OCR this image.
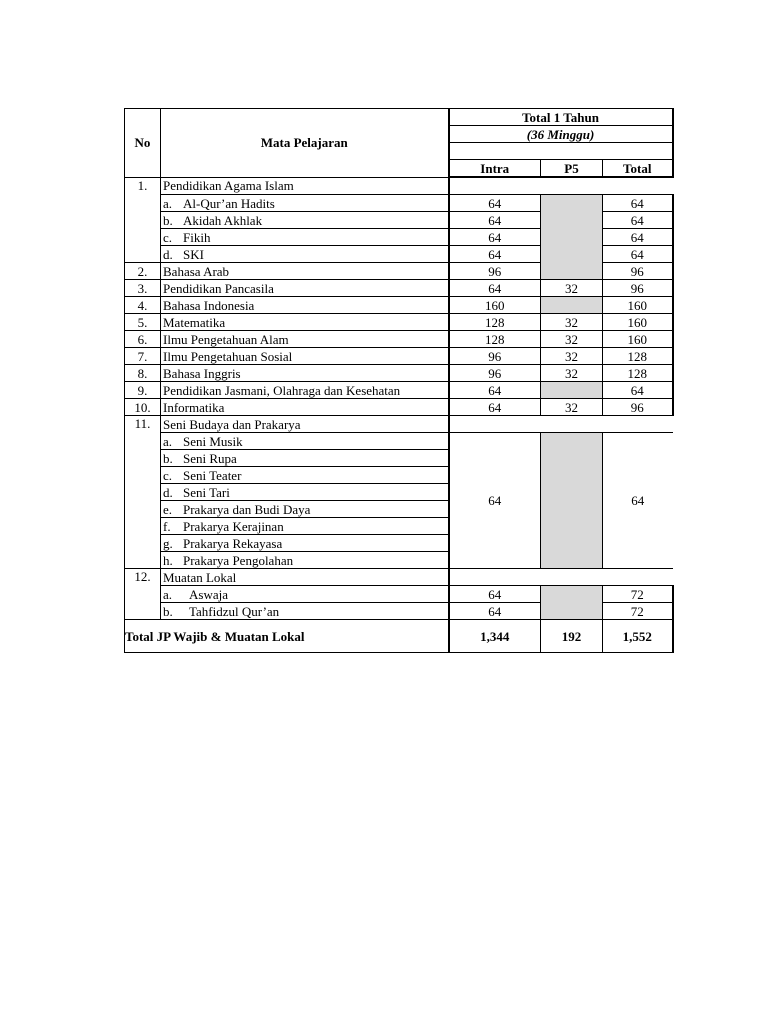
No	Mata Pelajaran	Total 1 Tahun		
		(36 Minggu)		

		Intra	P5	Total
1.	Pendidikan Agama Islam			
	a. Al-Qur’an Hadits	64		64
	b. Akidah Akhlak	64		64
	c. Fikih	64		64
	d. SKI	64		64
2.	Bahasa Arab	96		96
3.	Pendidikan Pancasila	64	32	96
4.	Bahasa Indonesia	160		160
5.	Matematika	128	32	160
6.	Ilmu Pengetahuan Alam	128	32	160
7.	Ilmu Pengetahuan Sosial	96	32	128
8.	Bahasa Inggris	96	32	128
9.	Pendidikan Jasmani, Olahraga dan Kesehatan	64		64
10.	Informatika	64	32	96
11.	Seni Budaya dan Prakarya			
	a. Seni Musik	64		64
	b. Seni Rupa			
	c. Seni Teater			
	d. Seni Tari			
	e. Prakarya dan Budi Daya			
	f. Prakarya Kerajinan			
	g. Prakarya Rekayasa			
	h. Prakarya Pengolahan			
12.	Muatan Lokal			
	a. Aswaja	64		72
	b. Tahfidzul Qur’an	64		72
Total JP Wajib & Muatan Lokal		1,344	192	1,552
